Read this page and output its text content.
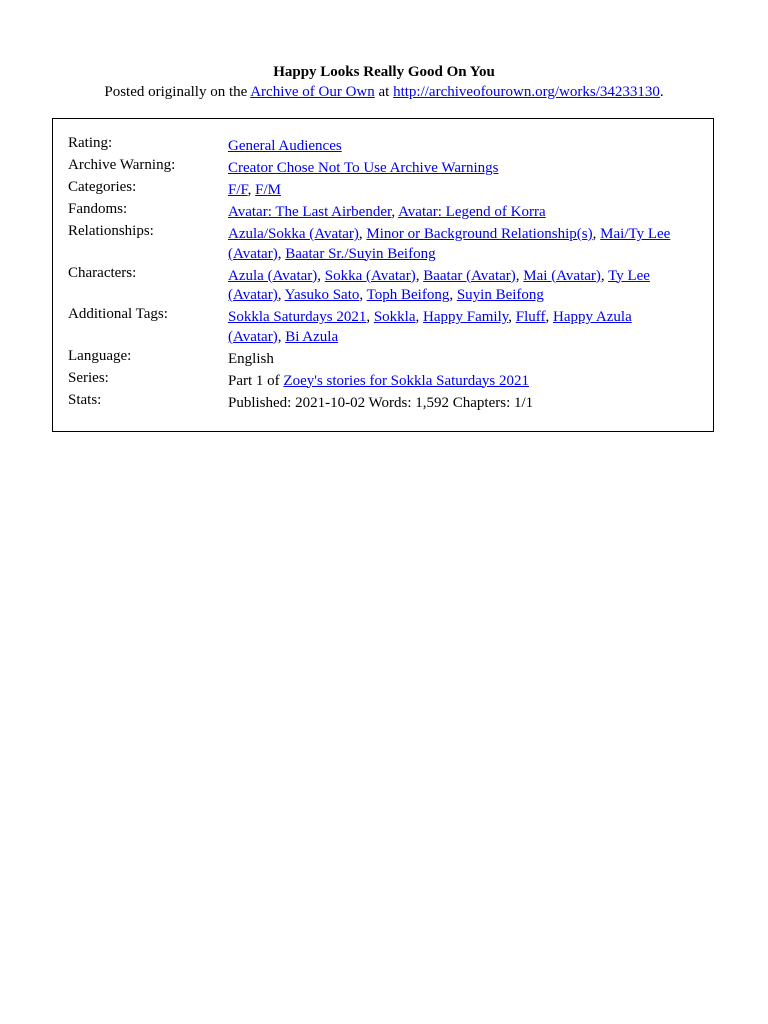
Happy Looks Really Good On You
Posted originally on the Archive of Our Own at http://archiveofourown.org/works/34233130.
Rating:	General Audiences
Archive Warning:	Creator Chose Not To Use Archive Warnings
Categories:	F/F, F/M
Fandoms:	Avatar: The Last Airbender, Avatar: Legend of Korra
Relationships:	Azula/Sokka (Avatar), Minor or Background Relationship(s), Mai/Ty Lee (Avatar), Baatar Sr./Suyin Beifong
Characters:	Azula (Avatar), Sokka (Avatar), Baatar (Avatar), Mai (Avatar), Ty Lee (Avatar), Yasuko Sato, Toph Beifong, Suyin Beifong
Additional Tags:	Sokkla Saturdays 2021, Sokkla, Happy Family, Fluff, Happy Azula (Avatar), Bi Azula
Language:	English
Series:	Part 1 of Zoey's stories for Sokkla Saturdays 2021
Stats:	Published: 2021-10-02 Words: 1,592 Chapters: 1/1
